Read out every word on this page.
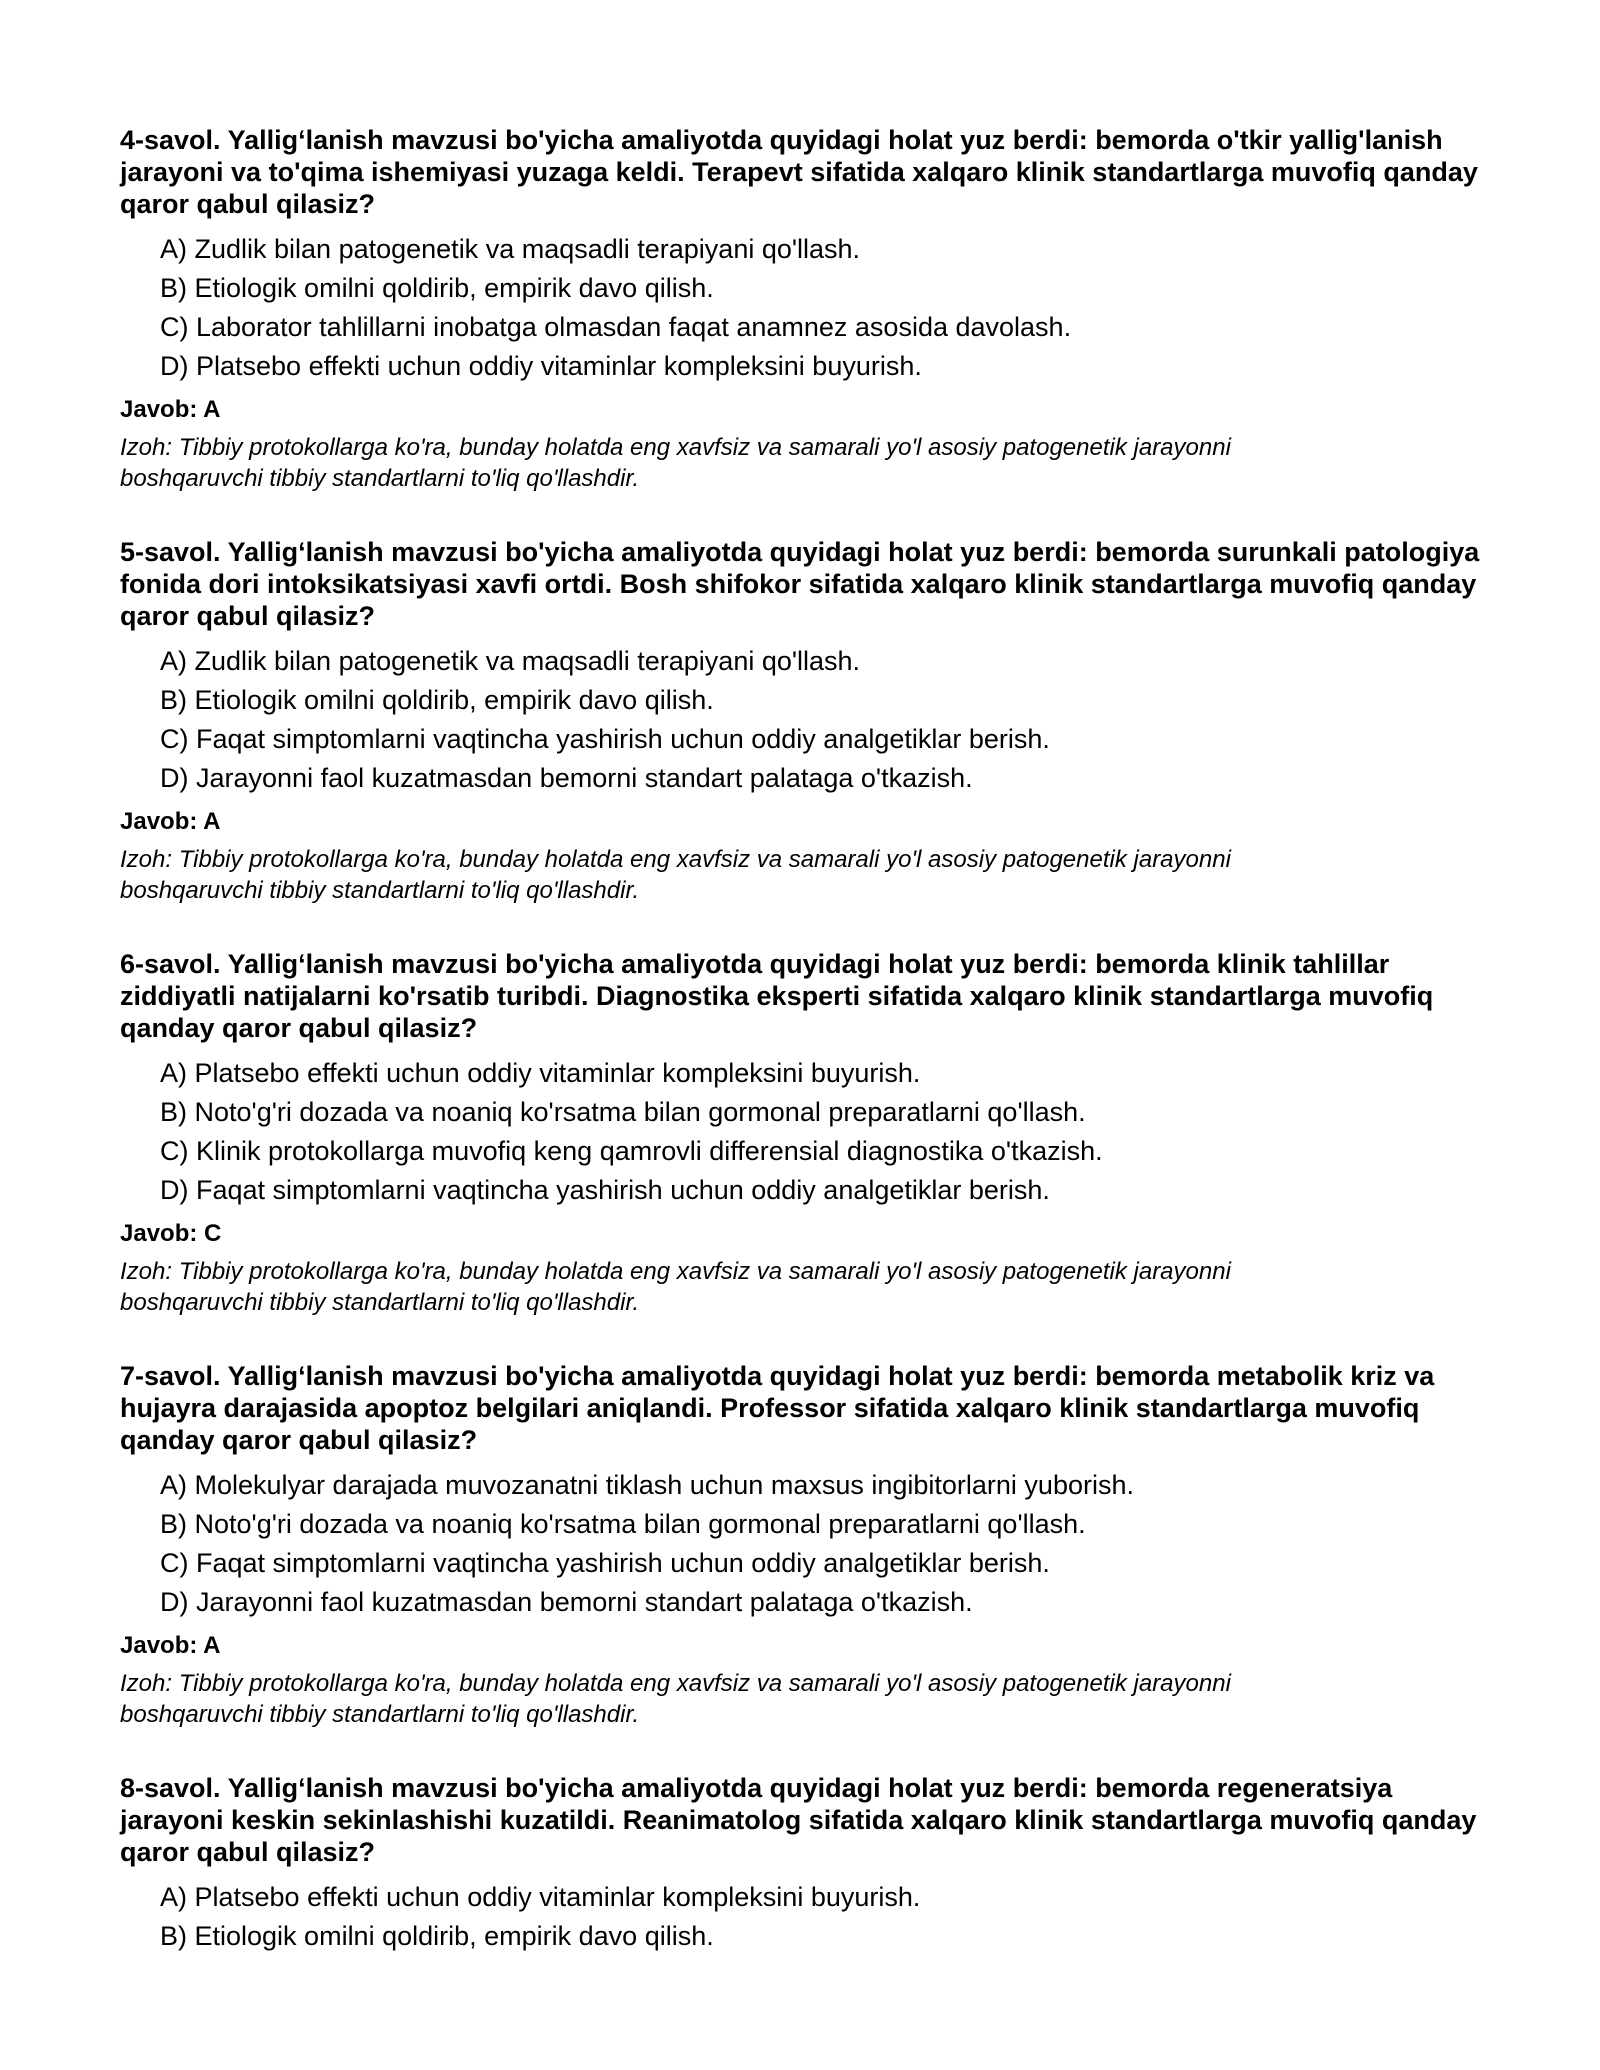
4-savol. Yallig‘lanish mavzusi bo'yicha amaliyotda quyidagi holat yuz berdi: bemorda o'tkir yallig'lanish jarayoni va to'qima ishemiyasi yuzaga keldi. Terapevt sifatida xalqaro klinik standartlarga muvofiq qanday qaror qabul qilasiz?
A) Zudlik bilan patogenetik va maqsadli terapiyani qo'llash.
B) Etiologik omilni qoldirib, empirik davo qilish.
C) Laborator tahlillarni inobatga olmasdan faqat anamnez asosida davolash.
D) Platsebo effekti uchun oddiy vitaminlar kompleksini buyurish.
Javob: A
Izoh: Tibbiy protokollarga ko'ra, bunday holatda eng xavfsiz va samarali yo'l asosiy patogenetik jarayonni boshqaruvchi tibbiy standartlarni to'liq qo'llashdir.
5-savol. Yallig‘lanish mavzusi bo'yicha amaliyotda quyidagi holat yuz berdi: bemorda surunkali patologiya fonida dori intoksikatsiyasi xavfi ortdi. Bosh shifokor sifatida xalqaro klinik standartlarga muvofiq qanday qaror qabul qilasiz?
A) Zudlik bilan patogenetik va maqsadli terapiyani qo'llash.
B) Etiologik omilni qoldirib, empirik davo qilish.
C) Faqat simptomlarni vaqtincha yashirish uchun oddiy analgetiklar berish.
D) Jarayonni faol kuzatmasdan bemorni standart palataga o'tkazish.
Javob: A
Izoh: Tibbiy protokollarga ko'ra, bunday holatda eng xavfsiz va samarali yo'l asosiy patogenetik jarayonni boshqaruvchi tibbiy standartlarni to'liq qo'llashdir.
6-savol. Yallig‘lanish mavzusi bo'yicha amaliyotda quyidagi holat yuz berdi: bemorda klinik tahlillar ziddiyatli natijalarni ko'rsatib turibdi. Diagnostika eksperti sifatida xalqaro klinik standartlarga muvofiq qanday qaror qabul qilasiz?
A) Platsebo effekti uchun oddiy vitaminlar kompleksini buyurish.
B) Noto'g'ri dozada va noaniq ko'rsatma bilan gormonal preparatlarni qo'llash.
C) Klinik protokollarga muvofiq keng qamrovli differensial diagnostika o'tkazish.
D) Faqat simptomlarni vaqtincha yashirish uchun oddiy analgetiklar berish.
Javob: C
Izoh: Tibbiy protokollarga ko'ra, bunday holatda eng xavfsiz va samarali yo'l asosiy patogenetik jarayonni boshqaruvchi tibbiy standartlarni to'liq qo'llashdir.
7-savol. Yallig‘lanish mavzusi bo'yicha amaliyotda quyidagi holat yuz berdi: bemorda metabolik kriz va hujayra darajasida apoptoz belgilari aniqlandi. Professor sifatida xalqaro klinik standartlarga muvofiq qanday qaror qabul qilasiz?
A) Molekulyar darajada muvozanatni tiklash uchun maxsus ingibitorlarni yuborish.
B) Noto'g'ri dozada va noaniq ko'rsatma bilan gormonal preparatlarni qo'llash.
C) Faqat simptomlarni vaqtincha yashirish uchun oddiy analgetiklar berish.
D) Jarayonni faol kuzatmasdan bemorni standart palataga o'tkazish.
Javob: A
Izoh: Tibbiy protokollarga ko'ra, bunday holatda eng xavfsiz va samarali yo'l asosiy patogenetik jarayonni boshqaruvchi tibbiy standartlarni to'liq qo'llashdir.
8-savol. Yallig‘lanish mavzusi bo'yicha amaliyotda quyidagi holat yuz berdi: bemorda regeneratsiya jarayoni keskin sekinlashishi kuzatildi. Reanimatolog sifatida xalqaro klinik standartlarga muvofiq qanday qaror qabul qilasiz?
A) Platsebo effekti uchun oddiy vitaminlar kompleksini buyurish.
B) Etiologik omilni qoldirib, empirik davo qilish.
